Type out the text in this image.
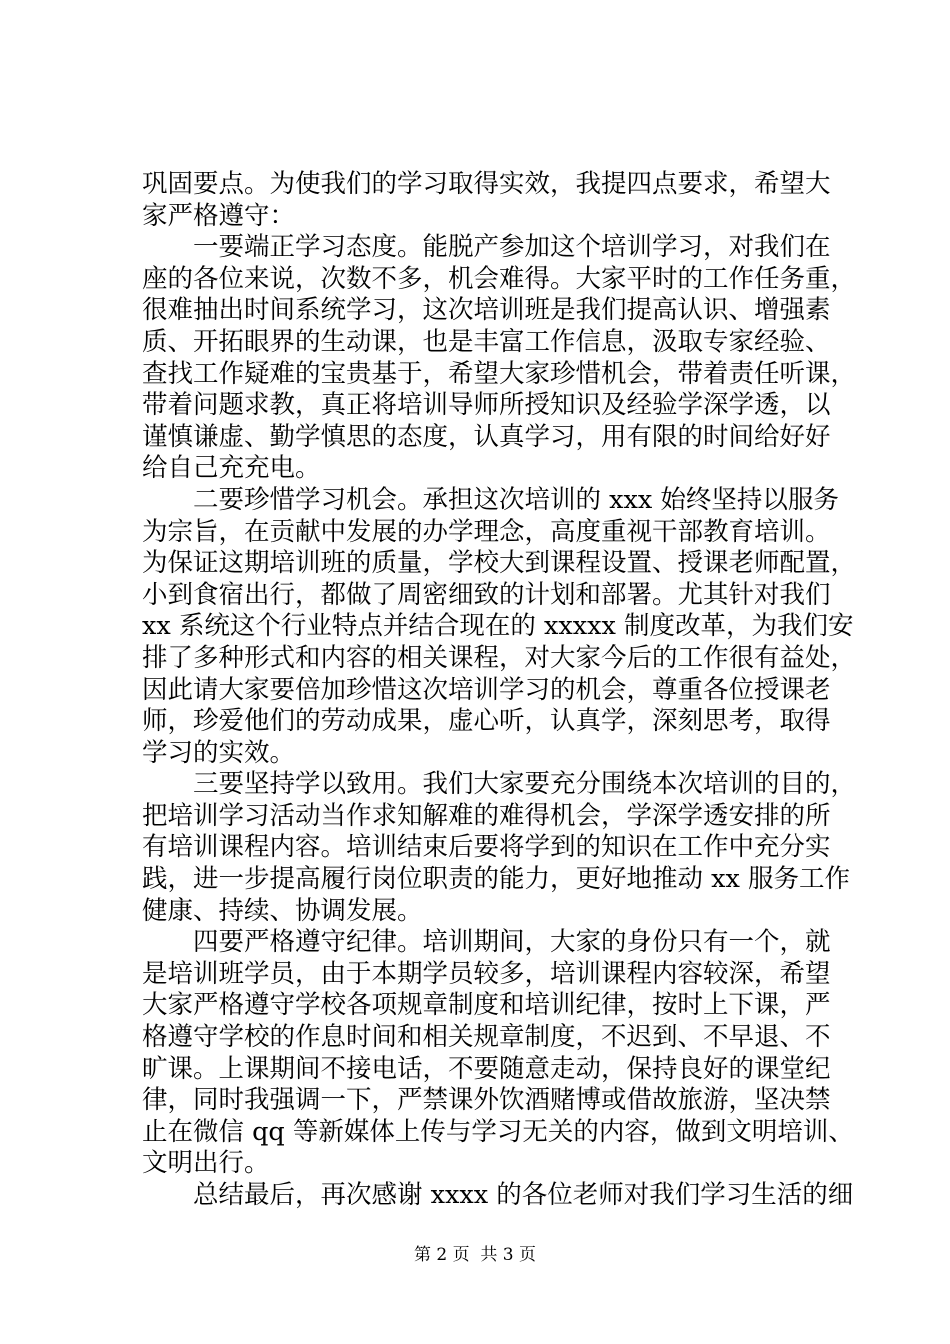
巩固要点。为使我们的学习取得实效，我提四点要求，希望大
家严格遵守：
一要端正学习态度。能脱产参加这个培训学习，对我们在
座的各位来说，次数不多，机会难得。大家平时的工作任务重，
很难抽出时间系统学习，这次培训班是我们提高认识、增强素
质、开拓眼界的生动课，也是丰富工作信息，汲取专家经验、
查找工作疑难的宝贵基于，希望大家珍惜机会，带着责任听课，
带着问题求教，真正将培训导师所授知识及经验学深学透，以
谨慎谦虚、勤学慎思的态度，认真学习，用有限的时间给好好
给自己充充电。
二要珍惜学习机会。承担这次培训的 xxx 始终坚持以服务
为宗旨，在贡献中发展的办学理念，高度重视干部教育培训。
为保证这期培训班的质量，学校大到课程设置、授课老师配置，
小到食宿出行，都做了周密细致的计划和部署。尤其针对我们
xx 系统这个行业特点并结合现在的 xxxxx 制度改革，为我们安
排了多种形式和内容的相关课程，对大家今后的工作很有益处，
因此请大家要倍加珍惜这次培训学习的机会，尊重各位授课老
师，珍爱他们的劳动成果，虚心听，认真学，深刻思考，取得
学习的实效。
三要坚持学以致用。我们大家要充分围绕本次培训的目的，
把培训学习活动当作求知解难的难得机会，学深学透安排的所
有培训课程内容。培训结束后要将学到的知识在工作中充分实
践，进一步提高履行岗位职责的能力，更好地推动 xx 服务工作
健康、持续、协调发展。
四要严格遵守纪律。培训期间，大家的身份只有一个，就
是培训班学员，由于本期学员较多，培训课程内容较深，希望
大家严格遵守学校各项规章制度和培训纪律，按时上下课，严
格遵守学校的作息时间和相关规章制度，不迟到、不早退、不
旷课。上课期间不接电话，不要随意走动，保持良好的课堂纪
律，同时我强调一下，严禁课外饮酒赌博或借故旅游，坚决禁
止在微信 qq 等新媒体上传与学习无关的内容，做到文明培训、
文明出行。
总结最后，再次感谢 xxxx 的各位老师对我们学习生活的细
第 2 页  共 3 页
